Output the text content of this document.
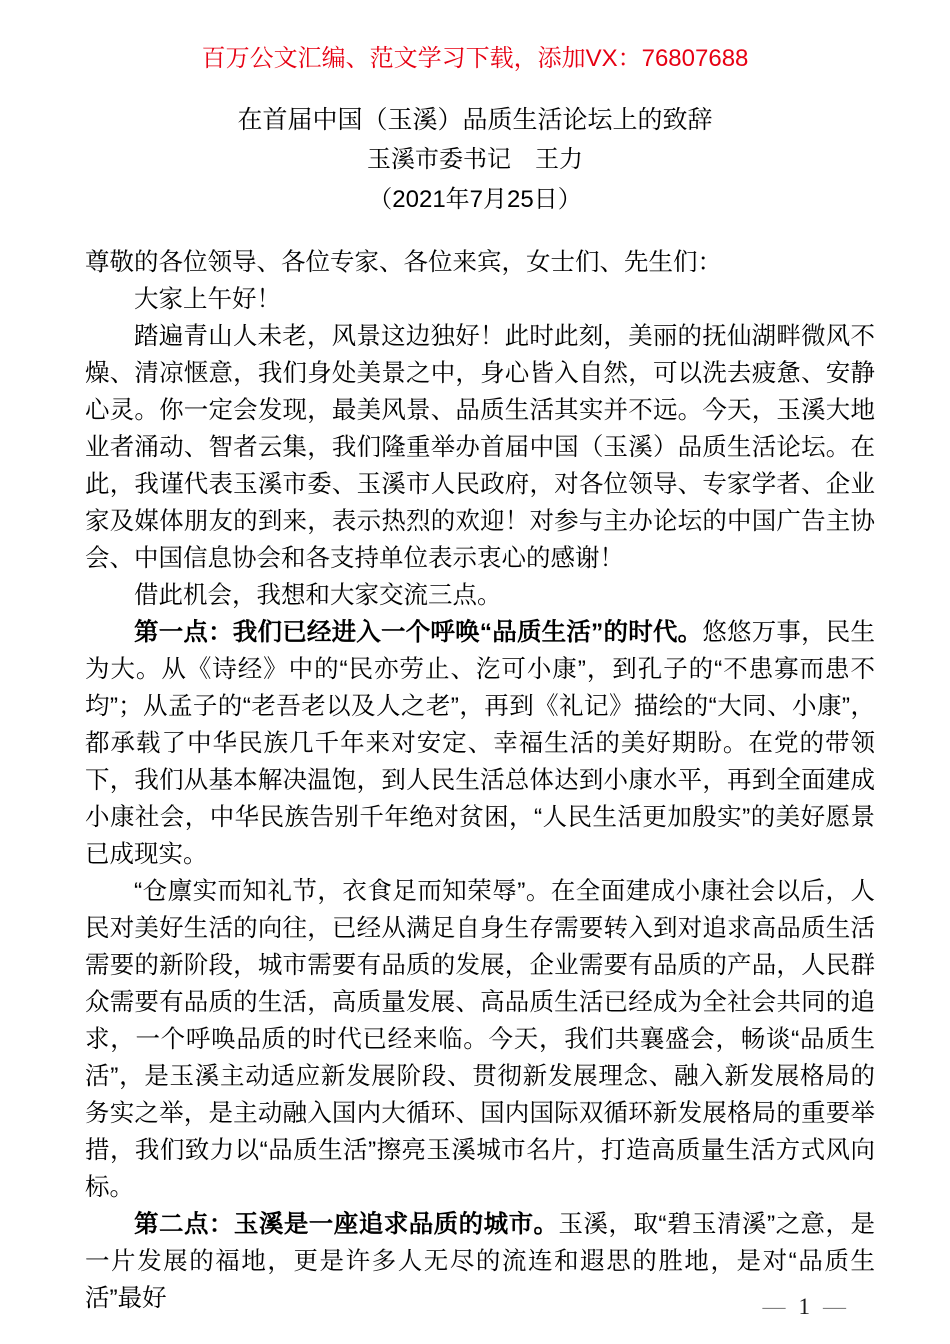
百万公文汇编、范文学习下载，添加VX：76807688
在首届中国（玉溪）品质生活论坛上的致辞
玉溪市委书记　王力
（2021年7月25日）

尊敬的各位领导、各位专家、各位来宾，女士们、先生们：

大家上午好！

踏遍青山人未老，风景这边独好！此时此刻，美丽的抚仙湖畔微风不燥、清凉惬意，我们身处美景之中，身心皆入自然，可以洗去疲惫、安静心灵。你一定会发现，最美风景、品质生活其实并不远。今天，玉溪大地业者涌动、智者云集，我们隆重举办首届中国（玉溪）品质生活论坛。在此，我谨代表玉溪市委、玉溪市人民政府，对各位领导、专家学者、企业家及媒体朋友的到来，表示热烈的欢迎！对参与主办论坛的中国广告主协会、中国信息协会和各支持单位表示衷心的感谢！

借此机会，我想和大家交流三点。

第一点：我们已经进入一个呼唤“品质生活”的时代。悠悠万事，民生为大。从《诗经》中的“民亦劳止、汔可小康”，到孔子的“不患寡而患不均”；从孟子的“老吾老以及人之老”，再到《礼记》描绘的“大同、小康”，都承载了中华民族几千年来对安定、幸福生活的美好期盼。在党的带领下，我们从基本解决温饱，到人民生活总体达到小康水平，再到全面建成小康社会，中华民族告别千年绝对贫困，“人民生活更加殷实”的美好愿景已成现实。

“仓廪实而知礼节，衣食足而知荣辱”。在全面建成小康社会以后，人民对美好生活的向往，已经从满足自身生存需要转入到对追求高品质生活需要的新阶段，城市需要有品质的发展，企业需要有品质的产品，人民群众需要有品质的生活，高质量发展、高品质生活已经成为全社会共同的追求，一个呼唤品质的时代已经来临。今天，我们共襄盛会，畅谈“品质生活”，是玉溪主动适应新发展阶段、贯彻新发展理念、融入新发展格局的务实之举，是主动融入国内大循环、国内国际双循环新发展格局的重要举措，我们致力以“品质生活”擦亮玉溪城市名片，打造高质量生活方式风向标。

第二点：玉溪是一座追求品质的城市。玉溪，取“碧玉清溪”之意，是一片发展的福地，更是许多人无尽的流连和遐思的胜地，是对“品质生活”最好	— 1 —
